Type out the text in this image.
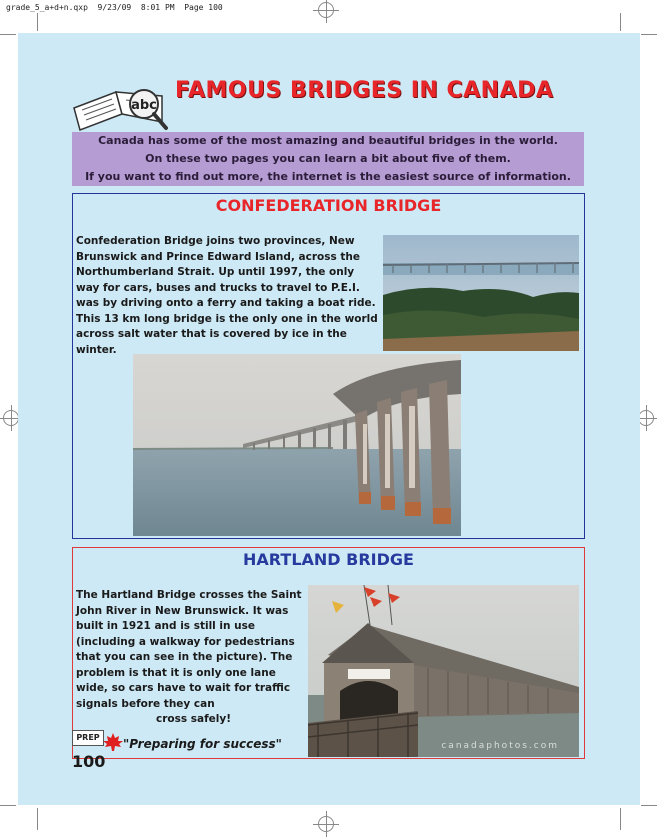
grade_5_a+d+n.qxp  9/23/09  8:01 PM  Page 100
abc
FAMOUS BRIDGES IN CANADA
Canada has some of the most amazing and beautiful bridges in the world.
On these two pages you can learn a bit about five of them.
If you want to find out more, the internet is the easiest source of information.
CONFEDERATION BRIDGE
Confederation Bridge joins two provinces, New Brunswick and Prince Edward Island, across the Northumberland Strait. Up until 1997, the only way for cars, buses and trucks to travel to P.E.I. was by driving onto a ferry and taking a boat ride. This 13 km long bridge is the only one in the world across salt water that is covered by ice in the winter.
HARTLAND BRIDGE
The Hartland Bridge crosses the Saint John River in New Brunswick. It was built in 1921 and is still in use (including a walkway for pedestrians that you can see in the picture). The problem is that it is only one lane wide, so cars have to wait for traffic signals before they can
cross safely!
canadaphotos.com
PREP	"Preparing for success"
100
